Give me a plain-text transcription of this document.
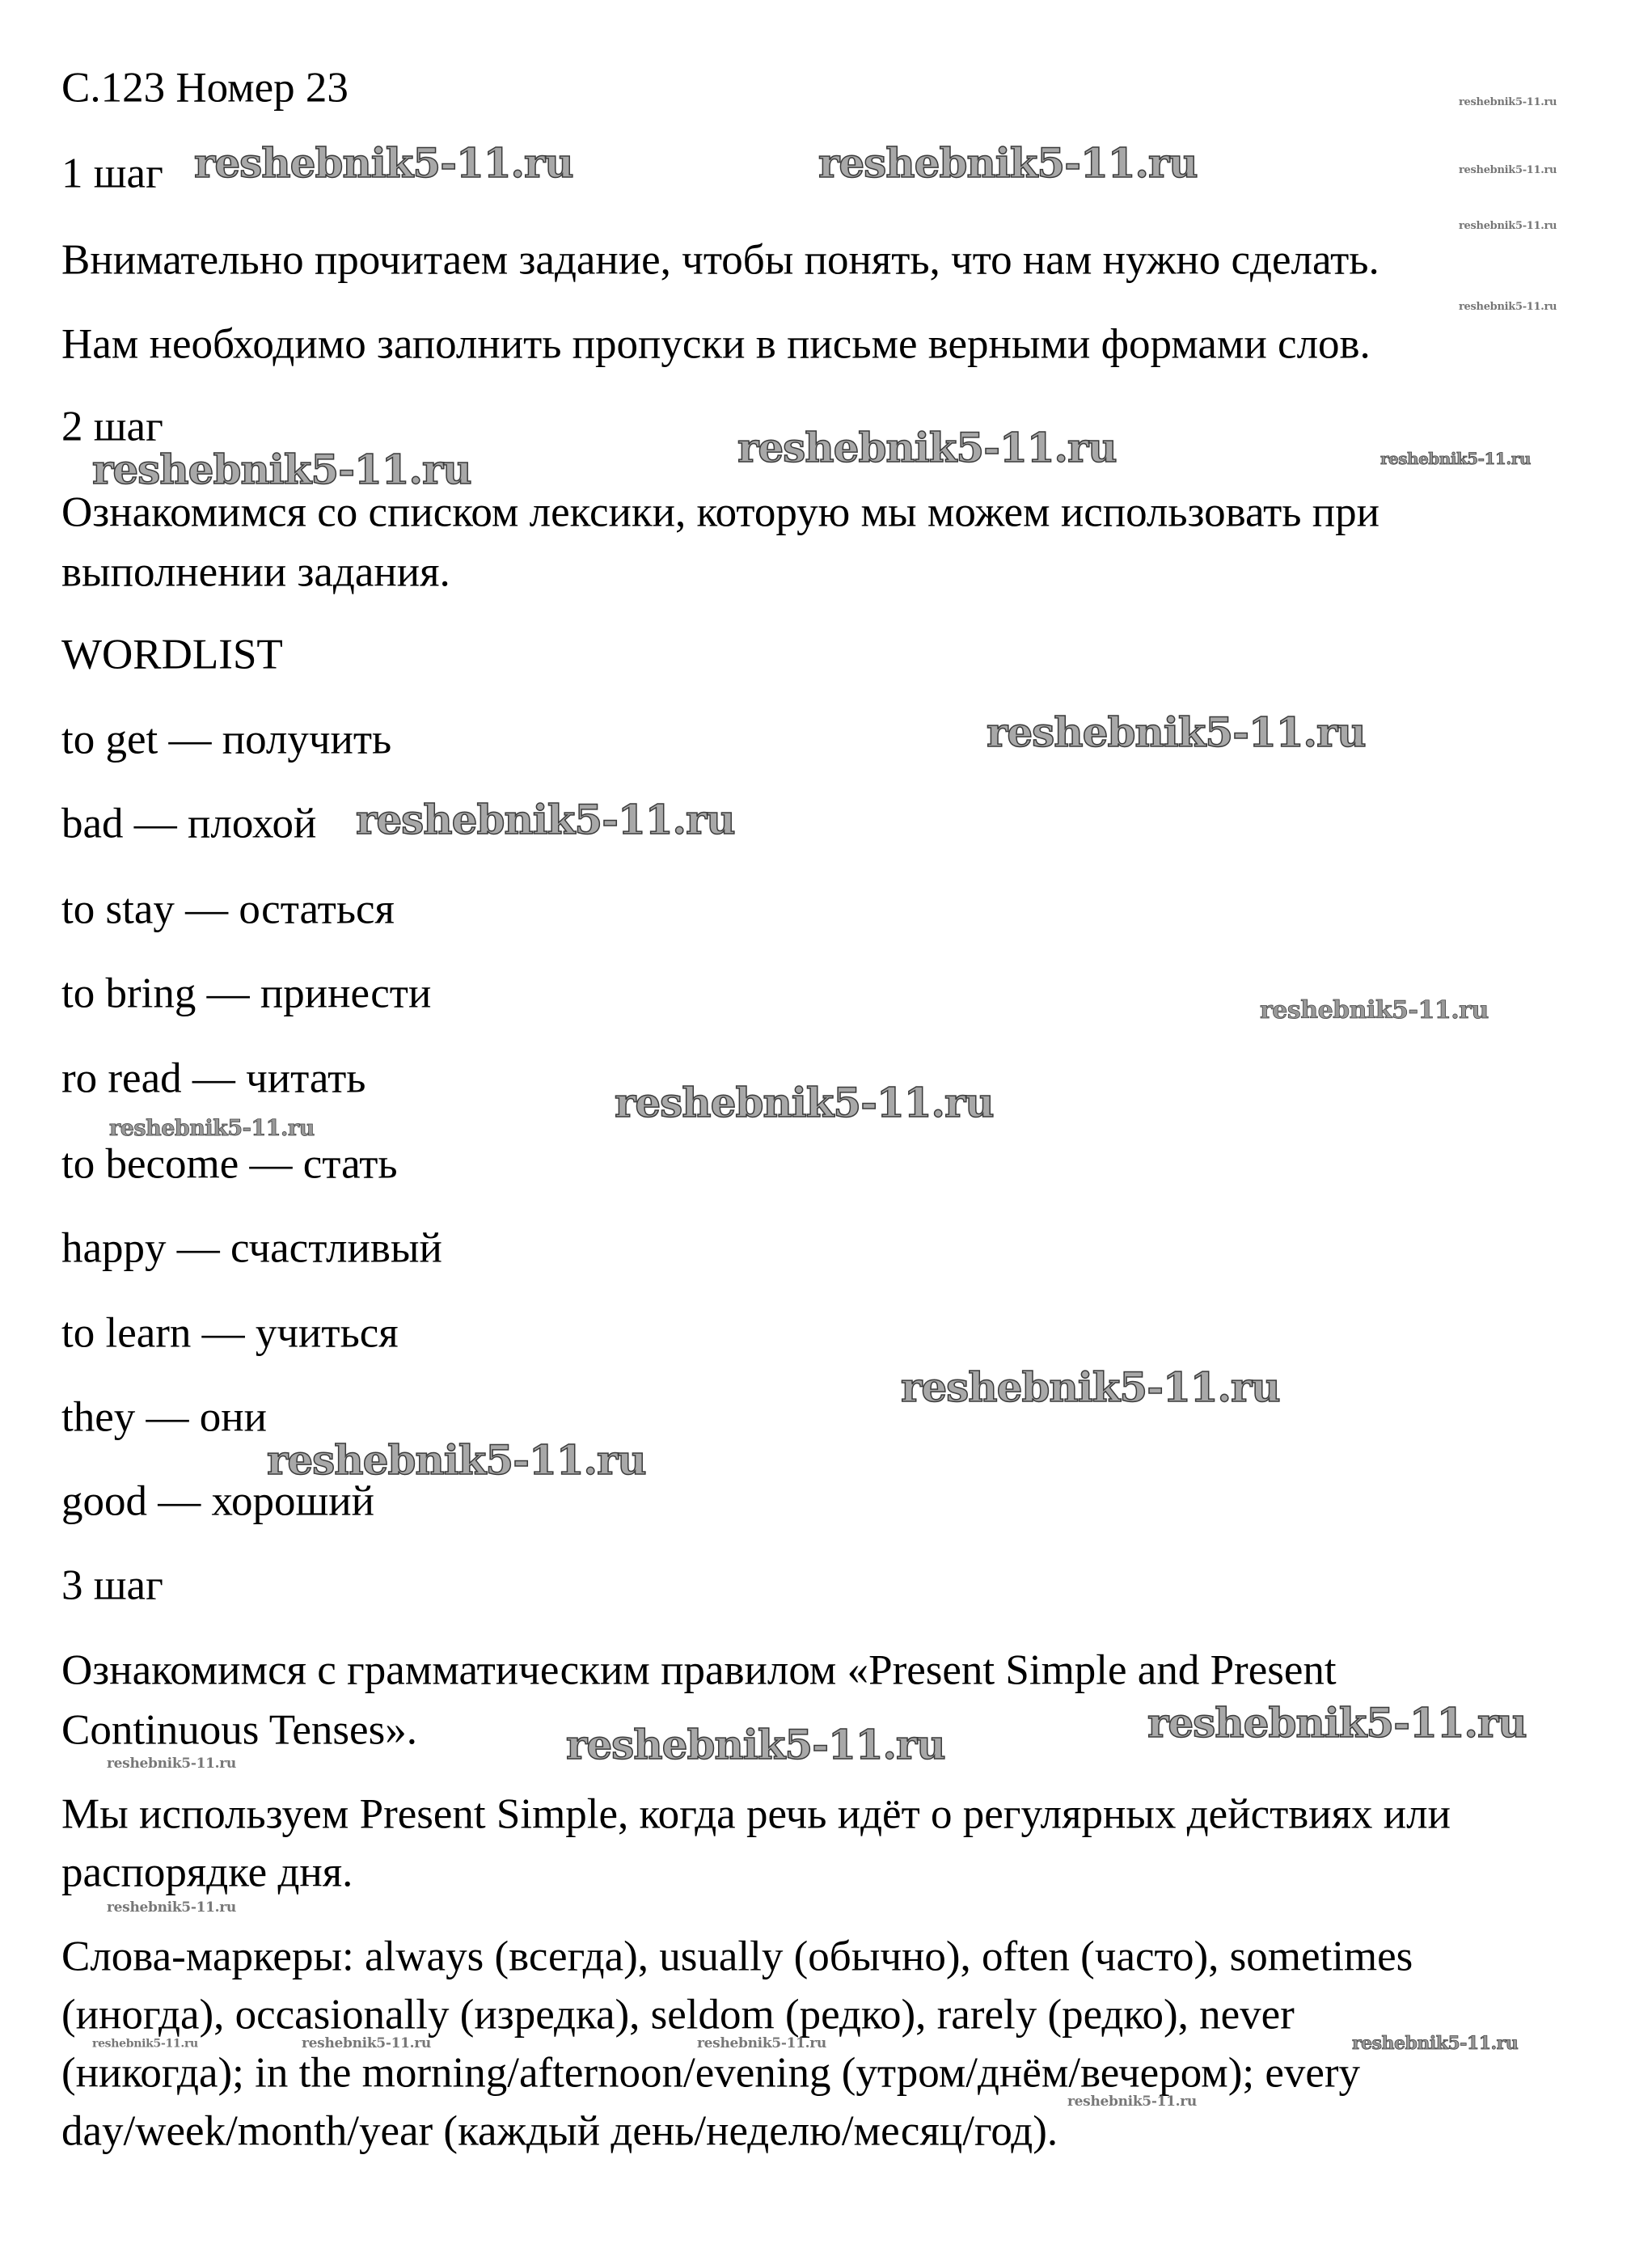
С.123 Номер 23
1 шаг
Внимательно прочитаем задание, чтобы понять, что нам нужно сделать.
Нам необходимо заполнить пропуски в письме верными формами слов.
2 шаг
Ознакомимся со списком лексики, которую мы можем использовать при
выполнении задания.
WORDLIST
to get — получить
bad — плохой
to stay — остаться
to bring — принести
ro read — читать
to become — стать
happy — счастливый
to learn — учиться
they — они
good — хороший
3 шаг
Ознакомимся с грамматическим правилом «Present Simple and Present
Continuous Tenses».
Мы используем Present Simple, когда речь идёт о регулярных действиях или
распорядке дня.
Слова-маркеры: always (всегда), usually (обычно), often (часто), sometimes
(иногда), occasionally (изредка), seldom (редко), rarely (редко), never
(никогда); in the morning/afternoon/evening (утром/днём/вечером); every
day/week/month/year (каждый день/неделю/месяц/год).
reshebnik5-11.ru	reshebnik5-11.ru
reshebnik5-11.ru
reshebnik5-11.ru
reshebnik5-11.ru
reshebnik5-11.ru
reshebnik5-11.ru
reshebnik5-11.ru
reshebnik5-11.ru
reshebnik5-11.ru	reshebnik5-11.ru
reshebnik5-11.ru
reshebnik5-11.ru
reshebnik5-11.ru
reshebnik5-11.ru
reshebnik5-11.ru
reshebnik5-11.ru
reshebnik5-11.ru
reshebnik5-11.ru
reshebnik5-11.ru
reshebnik5-11.ru
reshebnik5-11.ru	reshebnik5-11.ru	reshebnik5-11.ru
reshebnik5-11.ru
